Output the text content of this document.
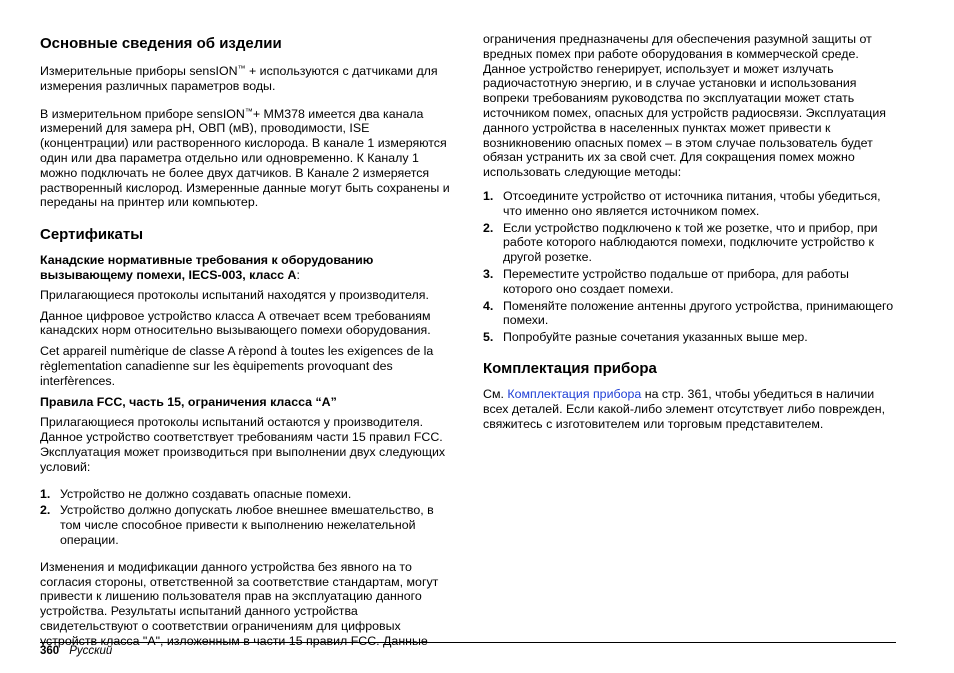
Основные сведения об изделии

Измерительные приборы sensION™ + используются с датчиками для измерения различных параметров воды.

В измерительном приборе sensION™+ MM378 имеется два канала измерений для замера pH, ОВП (мВ), проводимости, ISE (концентрации) или растворенного кислорода. В канале 1 измеряются один или два параметра отдельно или одновременно. К Каналу 1 можно подключать не более двух датчиков. В Канале 2 измеряется растворенный кислород. Измеренные данные могут быть сохранены и переданы на принтер или компьютер.

Сертификаты
Канадские нормативные требования к оборудованию вызывающему помехи, IECS-003, класс А:

Прилагающиеся протоколы испытаний находятся у производителя.

Данное цифровое устройство класса А отвечает всем требованиям канадских норм относительно вызывающего помехи оборудования.

Cet appareil numèrique de classe A rèpond à toutes les exigences de la règlementation canadienne sur les èquipements provoquant des interfèrences.

Правила FCC, часть 15, ограничения класса “A”

Прилагающиеся протоколы испытаний остаются у производителя. Данное устройство соответствует требованиям части 15 правил FCC. Эксплуатация может производиться при выполнении двух следующих условий:

1. Устройство не должно создавать опасные помехи.
2. Устройство должно допускать любое внешнее вмешательство, в том числе способное привести к выполнению нежелательной операции.

Изменения и модификации данного устройства без явного на то согласия стороны, ответственной за соответствие стандартам, могут привести к лишению пользователя прав на эксплуатацию данного устройства. Результаты испытаний данного устройства свидетельствуют о соответствии ограничениям для цифровых устройств класса "A", изложенным в части 15 правил FCC. Данные

ограничения предназначены для обеспечения разумной защиты от вредных помех при работе оборудования в коммерческой среде. Данное устройство генерирует, использует и может излучать радиочастотную энергию, и в случае установки и использования вопреки требованиям руководства по эксплуатации может стать источником помех, опасных для устройств радиосвязи. Эксплуатация данного устройства в населенных пунктах может привести к возникновению опасных помех – в этом случае пользователь будет обязан устранить их за свой счет. Для сокращения помех можно использовать следующие методы:

1. Отсоедините устройство от источника питания, чтобы убедиться, что именно оно является источником помех.
2. Если устройство подключено к той же розетке, что и прибор, при работе которого наблюдаются помехи, подключите устройство к другой розетке.
3. Переместите устройство подальше от прибора, для работы которого оно создает помехи.
4. Поменяйте положение антенны другого устройства, принимающего помехи.
5. Попробуйте разные сочетания указанных выше мер.
Комплектация прибора

См. Комплектация прибора на стр. 361, чтобы убедиться в наличии всех деталей. Если какой-либо элемент отсутствует либо поврежден, свяжитесь с изготовителем или торговым представителем.

360 Русский
